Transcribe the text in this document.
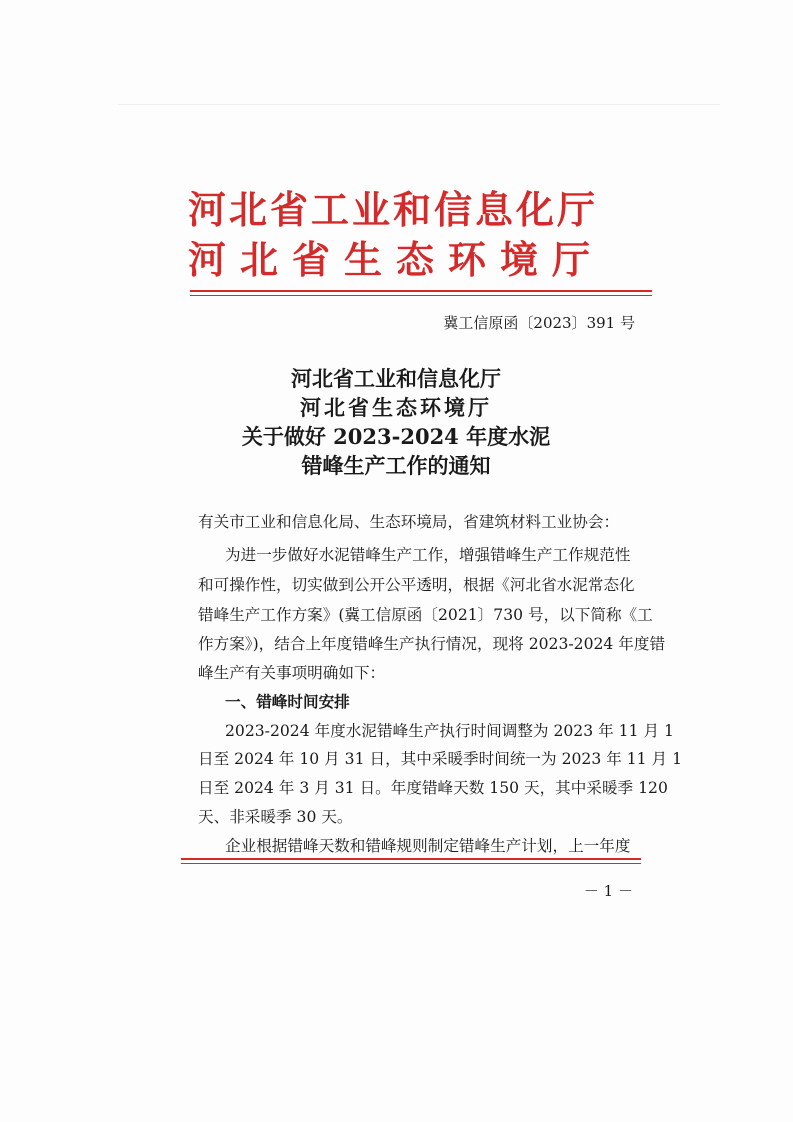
河北省工业和信息化厅
河北省生态环境厅
冀工信原函〔2023〕391 号
河北省工业和信息化厅
河北省生态环境厅
关于做好 2023-2024 年度水泥
错峰生产工作的通知
有关市工业和信息化局、生态环境局，省建筑材料工业协会：
为进一步做好水泥错峰生产工作，增强错峰生产工作规范性
和可操作性，切实做到公开公平透明，根据《河北省水泥常态化
错峰生产工作方案》(冀工信原函〔2021〕730 号，以下简称《工
作方案》)，结合上年度错峰生产执行情况，现将 2023-2024 年度错
峰生产有关事项明确如下：
一、错峰时间安排
2023-2024 年度水泥错峰生产执行时间调整为 2023 年 11 月 1
日至 2024 年 10 月 31 日，其中采暖季时间统一为 2023 年 11 月 1
日至 2024 年 3 月 31 日。年度错峰天数 150 天，其中采暖季 120
天、非采暖季 30 天。
企业根据错峰天数和错峰规则制定错峰生产计划，上一年度
－ 1 －
